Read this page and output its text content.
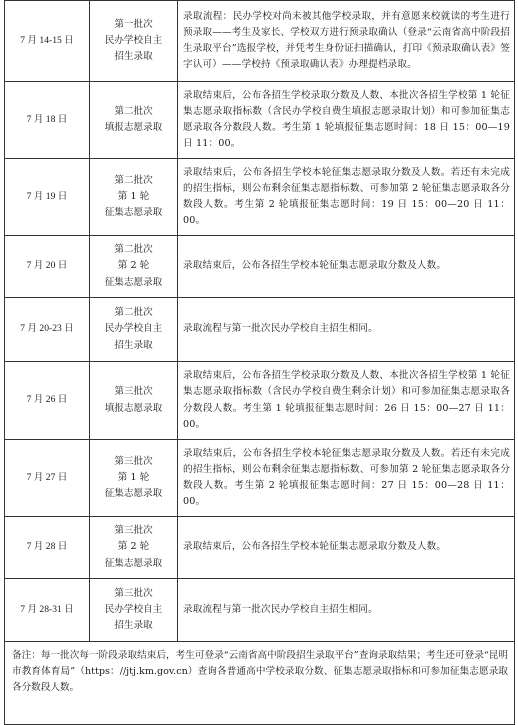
7 月 14-15 日	第一批次
民办学校自主
招生录取	录取流程：民办学校对尚未被其他学校录取，并有意愿来校就读的考生进行预录取——考生及家长、学校双方进行预录取确认（登录“云南省高中阶段招生录取平台”选报学校，并凭考生身份证扫描确认，打印《预录取确认表》签字认可）——学校持《预录取确认表》办理提档录取。
7 月 18 日	第二批次
填报志愿录取	录取结束后，公布各招生学校录取分数及人数、本批次各招生学校第 1 轮征集志愿录取指标数（含民办学校自费生填报志愿录取计划）和可参加征集志愿录取各分数段人数。考生第 1 轮填报征集志愿时间：18 日 15：00—19 日 11：00。
7 月 19 日	第二批次
第 1 轮
征集志愿录取	录取结束后，公布各招生学校本轮征集志愿录取分数及人数。若还有未完成的招生指标，则公布剩余征集志愿指标数、可参加第 2 轮征集志愿录取各分数段人数。考生第 2 轮填报征集志愿时间：19 日 15：00—20 日 11：00。
7 月 20 日	第二批次
第 2 轮
征集志愿录取	录取结束后，公布各招生学校本轮征集志愿录取分数及人数。
7 月 20-23 日	第二批次
民办学校自主
招生录取	录取流程与第一批次民办学校自主招生相同。
7 月 26 日	第三批次
填报志愿录取	录取结束后，公布各招生学校录取分数及人数、本批次各招生学校第 1 轮征集志愿录取指标数（含民办学校自费生剩余计划）和可参加征集志愿录取各分数段人数。考生第 1 轮填报征集志愿时间：26 日 15：00—27 日 11：00。
7 月 27 日	第三批次
第 1 轮
征集志愿录取	录取结束后，公布各招生学校本轮征集志愿录取分数及人数。若还有未完成的招生指标，则公布剩余征集志愿指标数、可参加第 2 轮征集志愿录取各分数段人数。考生第 2 轮填报征集志愿时间：27 日 15：00—28 日 11：00。
7 月 28 日	第三批次
第 2 轮
征集志愿录取	录取结束后，公布各招生学校本轮征集志愿录取分数及人数。
7 月 28-31 日	第三批次
民办学校自主
招生录取	录取流程与第一批次民办学校自主招生相同。
备注：每一批次每一阶段录取结束后，考生可登录“云南省高中阶段招生录取平台”查询录取结果；考生还可登录“昆明市教育体育局”（https：//jtj.km.gov.cn）查询各普通高中学校录取分数、征集志愿录取指标和可参加征集志愿录取各分数段人数。		
